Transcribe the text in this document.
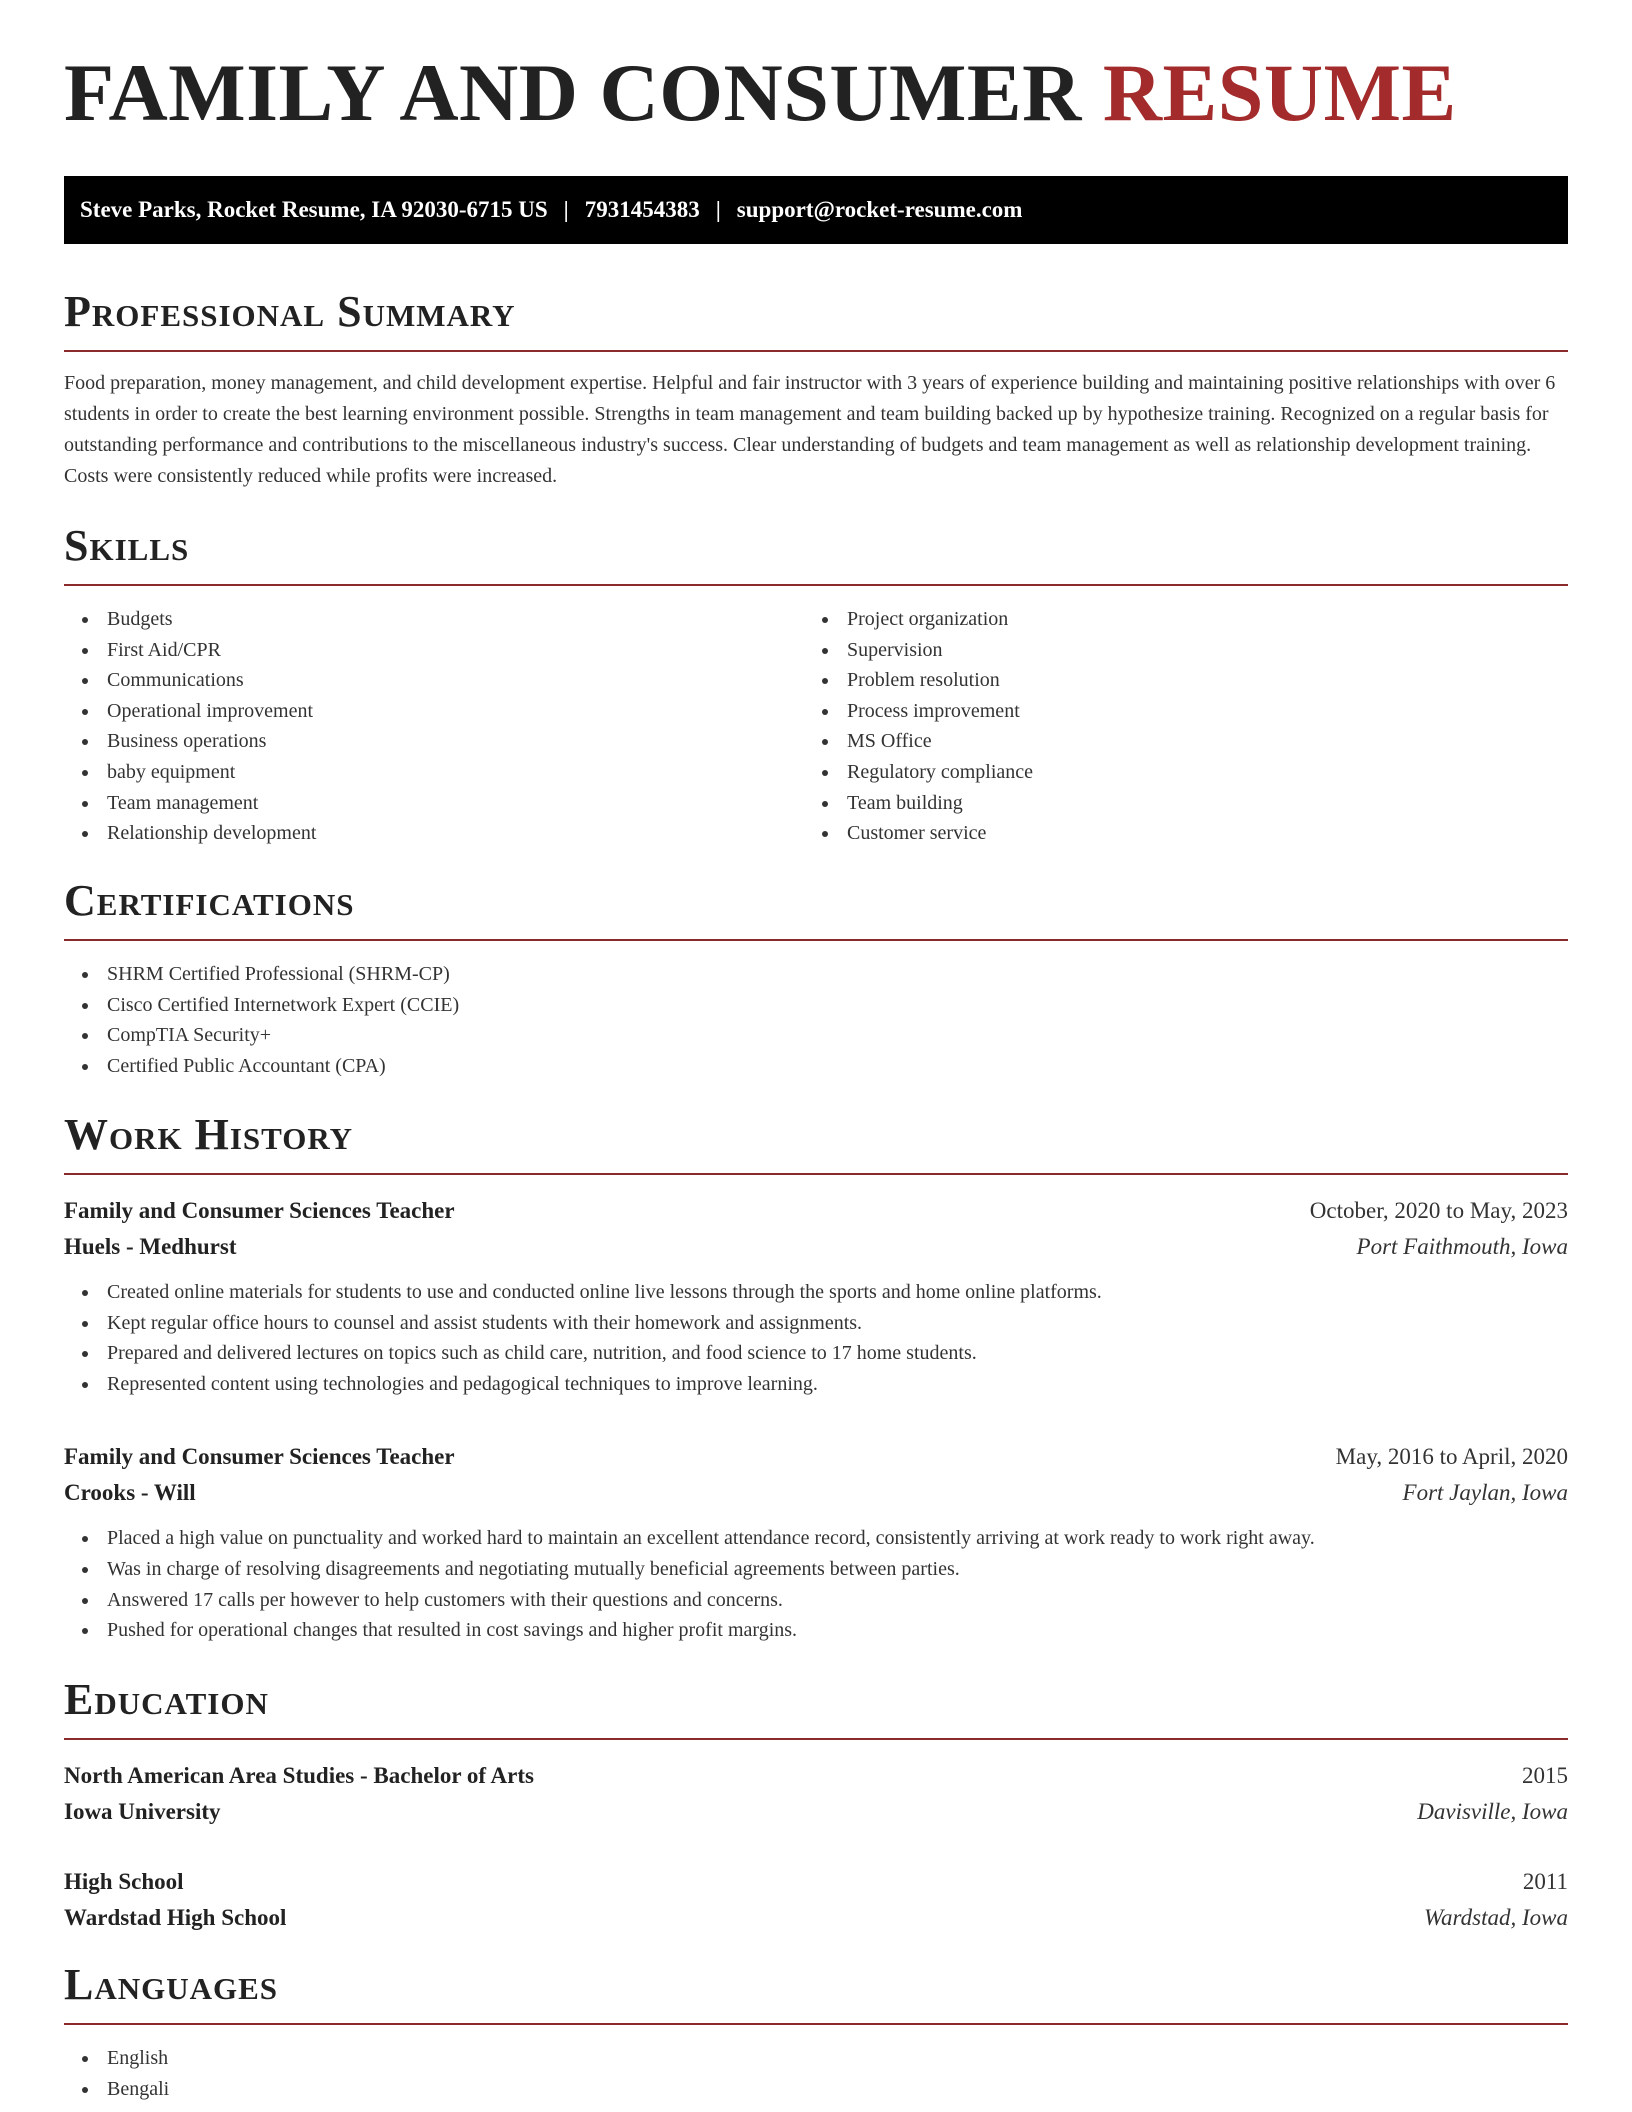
FAMILY AND CONSUMER RESUME
Steve Parks, Rocket Resume, IA 92030-6715 US | 7931454383 | support@rocket-resume.com
Professional Summary

Food preparation, money management, and child development expertise. Helpful and fair instructor with 3 years of experience building and maintaining positive relationships with over 6 students in order to create the best learning environment possible. Strengths in team management and team building backed up by hypothesize training. Recognized on a regular basis for outstanding performance and contributions to the miscellaneous industry's success. Clear understanding of budgets and team management as well as relationship development training. Costs were consistently reduced while profits were increased.

Skills
Budgets
First Aid/CPR
Communications
Operational improvement
Business operations
baby equipment
Team management
Relationship development
Project organization
Supervision
Problem resolution
Process improvement
MS Office
Regulatory compliance
Team building
Customer service
Certifications
SHRM Certified Professional (SHRM-CP)
Cisco Certified Internetwork Expert (CCIE)
CompTIA Security+
Certified Public Accountant (CPA)
Work History
Family and Consumer Sciences Teacher	October, 2020 to May, 2023
Huels - Medhurst	Port Faithmouth, Iowa
Created online materials for students to use and conducted online live lessons through the sports and home online platforms.
Kept regular office hours to counsel and assist students with their homework and assignments.
Prepared and delivered lectures on topics such as child care, nutrition, and food science to 17 home students.
Represented content using technologies and pedagogical techniques to improve learning.
Family and Consumer Sciences Teacher	May, 2016 to April, 2020
Crooks - Will	Fort Jaylan, Iowa
Placed a high value on punctuality and worked hard to maintain an excellent attendance record, consistently arriving at work ready to work right away.
Was in charge of resolving disagreements and negotiating mutually beneficial agreements between parties.
Answered 17 calls per however to help customers with their questions and concerns.
Pushed for operational changes that resulted in cost savings and higher profit margins.
Education
North American Area Studies - Bachelor of Arts	2015
Iowa University	Davisville, Iowa
High School	2011
Wardstad High School	Wardstad, Iowa
Languages
English
Bengali
